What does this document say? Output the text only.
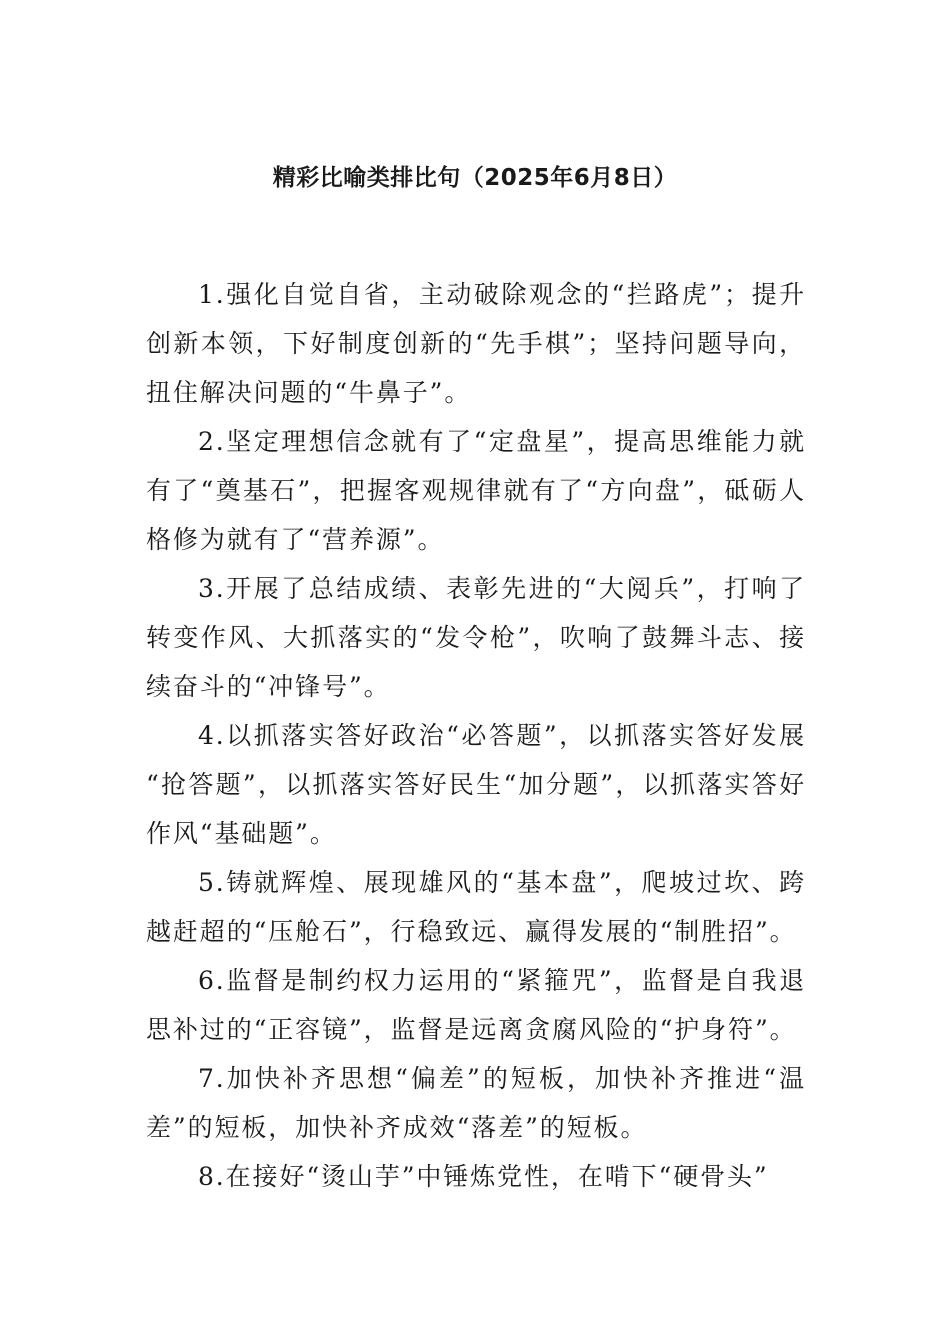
精彩比喻类排比句（2025年6月8日）

1.强化自觉自省，主动破除观念的“拦路虎”；提升创新本领，下好制度创新的“先手棋”；坚持问题导向，扭住解决问题的“牛鼻子”。

2.坚定理想信念就有了“定盘星”，提高思维能力就有了“奠基石”，把握客观规律就有了“方向盘”，砥砺人格修为就有了“营养源”。

3.开展了总结成绩、表彰先进的“大阅兵”，打响了转变作风、大抓落实的“发令枪”，吹响了鼓舞斗志、接续奋斗的“冲锋号”。

4.以抓落实答好政治“必答题”，以抓落实答好发展“抢答题”，以抓落实答好民生“加分题”，以抓落实答好作风“基础题”。

5.铸就辉煌、展现雄风的“基本盘”，爬坡过坎、跨越赶超的“压舱石”，行稳致远、赢得发展的“制胜招”。

6.监督是制约权力运用的“紧箍咒”，监督是自我退思补过的“正容镜”，监督是远离贪腐风险的“护身符”。

7.加快补齐思想“偏差”的短板，加快补齐推进“温差”的短板，加快补齐成效“落差”的短板。

8.在接好“烫山芋”中锤炼党性，在啃下“硬骨头”
